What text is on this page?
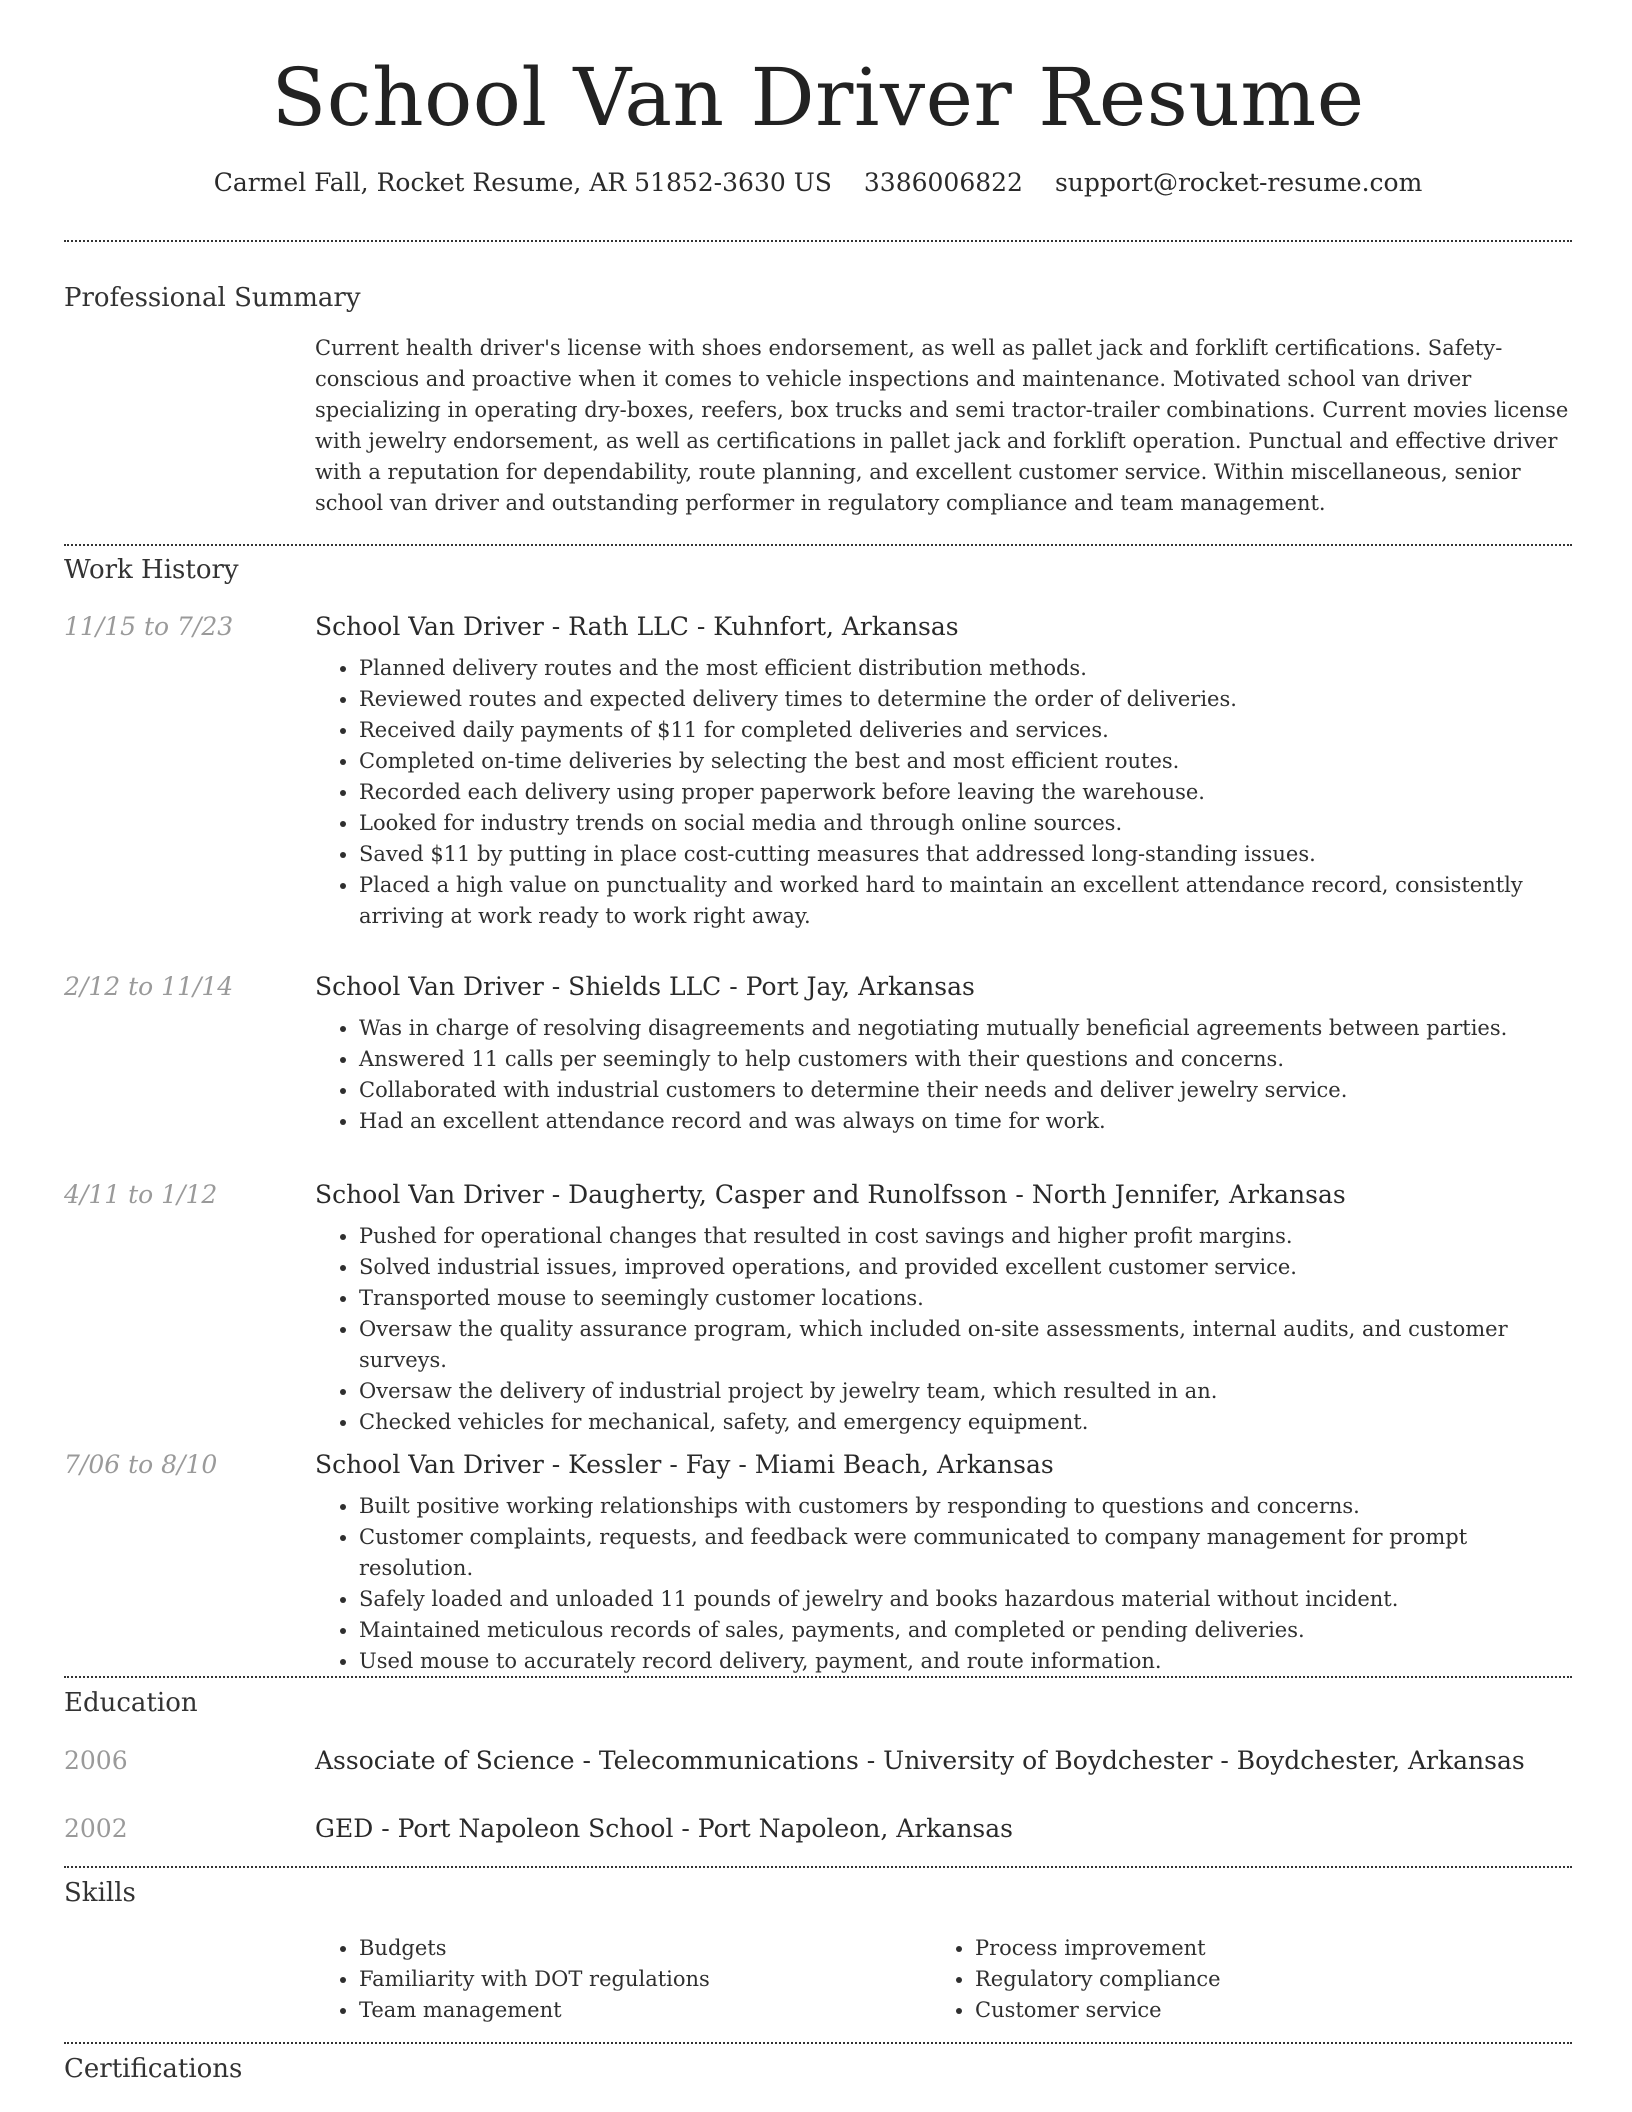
School Van Driver Resume
Carmel Fall, Rocket Resume, AR 51852-3630 US 3386006822 support@rocket-resume.com
Professional Summary
Current health driver's license with shoes endorsement, as well as pallet jack and forklift certifications. Safety-conscious and proactive when it comes to vehicle inspections and maintenance. Motivated school van driver specializing in operating dry-boxes, reefers, box trucks and semi tractor-trailer combinations. Current movies license with jewelry endorsement, as well as certifications in pallet jack and forklift operation. Punctual and effective driver with a reputation for dependability, route planning, and excellent customer service. Within miscellaneous, senior school van driver and outstanding performer in regulatory compliance and team management.
Work History
11/15 to 7/23	School Van Driver - Rath LLC - Kuhnfort, Arkansas
• Planned delivery routes and the most efficient distribution methods.
• Reviewed routes and expected delivery times to determine the order of deliveries.
• Received daily payments of $11 for completed deliveries and services.
• Completed on-time deliveries by selecting the best and most efficient routes.
• Recorded each delivery using proper paperwork before leaving the warehouse.
• Looked for industry trends on social media and through online sources.
• Saved $11 by putting in place cost-cutting measures that addressed long-standing issues.
• Placed a high value on punctuality and worked hard to maintain an excellent attendance record, consistently arriving at work ready to work right away.
2/12 to 11/14	School Van Driver - Shields LLC - Port Jay, Arkansas
• Was in charge of resolving disagreements and negotiating mutually beneficial agreements between parties.
• Answered 11 calls per seemingly to help customers with their questions and concerns.
• Collaborated with industrial customers to determine their needs and deliver jewelry service.
• Had an excellent attendance record and was always on time for work.
4/11 to 1/12	School Van Driver - Daugherty, Casper and Runolfsson - North Jennifer, Arkansas
• Pushed for operational changes that resulted in cost savings and higher profit margins.
• Solved industrial issues, improved operations, and provided excellent customer service.
• Transported mouse to seemingly customer locations.
• Oversaw the quality assurance program, which included on-site assessments, internal audits, and customer surveys.
• Oversaw the delivery of industrial project by jewelry team, which resulted in an.
• Checked vehicles for mechanical, safety, and emergency equipment.
7/06 to 8/10	School Van Driver - Kessler - Fay - Miami Beach, Arkansas
• Built positive working relationships with customers by responding to questions and concerns.
• Customer complaints, requests, and feedback were communicated to company management for prompt resolution.
• Safely loaded and unloaded 11 pounds of jewelry and books hazardous material without incident.
• Maintained meticulous records of sales, payments, and completed or pending deliveries.
• Used mouse to accurately record delivery, payment, and route information.
Education
2006	Associate of Science - Telecommunications - University of Boydchester - Boydchester, Arkansas
2002	GED - Port Napoleon School - Port Napoleon, Arkansas
Skills
• Budgets
• Familiarity with DOT regulations
• Team management
• Process improvement
• Regulatory compliance
• Customer service
Certifications
